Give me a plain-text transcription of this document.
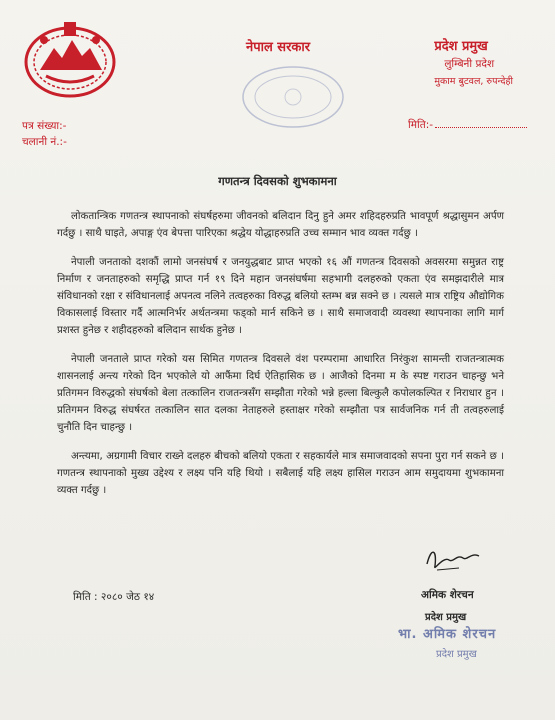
नेपाल सरकार	प्रदेश प्रमुख
लुम्बिनी प्रदेश
मुकाम बुटवल, रुपन्देही
पत्र संख्या:-
चलानी नं.:-
मिति:-
गणतन्त्र दिवसको शुभकामना

लोकतान्त्रिक गणतन्त्र स्थापनाको संघर्षहरुमा जीवनको बलिदान दिनु हुने अमर शहिदहरुप्रति भावपूर्ण श्रद्धासुमन अर्पण गर्दछु । साथै घाइते, अपाङ्ग एंव बेपत्ता पारिएका श्रद्धेय योद्धाहरुप्रति उच्च सम्मान भाव व्यक्त गर्दछु ।

नेपाली जनताको दशकौं लामो जनसंघर्ष र जनयुद्धबाट प्राप्त भएको १६ औं गणतन्त्र दिवसको अवसरमा समुन्नत राष्ट्र निर्माण र जनताहरुको समृद्धि प्राप्त गर्न १९ दिने महान जनसंघर्षमा सहभागी दलहरुको एकता एंव समझदारीले मात्र संविधानको रक्षा र संविधानलाई अपनत्व नलिने तत्वहरुका विरुद्ध बलियो स्तम्भ बन्न सक्ने छ । त्यसले मात्र राष्ट्रिय औद्योगिक विकासलाई विस्तार गर्दै आत्मनिर्भर अर्थतन्त्रमा फड्को मार्न सकिने छ । साथै समाजवादी व्यवस्था स्थापनाका लागि मार्ग प्रशस्त हुनेछ र शहीदहरुको बलिदान सार्थक हुनेछ ।

नेपाली जनताले प्राप्त गरेको यस सिमित गणतन्त्र दिवसले वंश परम्परामा आधारित निरंकुश सामन्ती राजतन्त्रात्मक शासनलाई अन्त्य गरेको दिन भएकोले यो आफैंमा दिर्घ ऐतिहासिक छ । आजैको दिनमा म के स्पष्ट गराउन चाहन्छु भने प्रतिगमन विरुद्धको संघर्षको बेला तत्कालिन राजतन्त्रसँग सम्झौता गरेको भन्ने हल्ला बिल्कुलै कपोलकल्पित र निराधार हुन । प्रतिगमन विरुद्ध संघर्षरत तत्कालिन सात दलका नेताहरुले हस्ताक्षर गरेको सम्झौता पत्र सार्वजनिक गर्न ती तत्वहरुलाई चुनौति दिन चाहन्छु ।

अन्त्यमा, अग्रगामी विचार राख्ने दलहरु बीचको बलियो एकता र सहकार्यले मात्र समाजवादको सपना पुरा गर्न सकने छ । गणतन्त्र स्थापनाको मुख्य उद्देश्य र लक्ष्य पनि यहि थियो । सबैलाई यहि लक्ष्य हासिल गराउन आम समुदायमा शुभकामना व्यक्त गर्दछु ।

मिति : २०८० जेठ १४	अमिक शेरचन
प्रदेश प्रमुख
भा. अमिक शेरचन
प्रदेश प्रमुख
